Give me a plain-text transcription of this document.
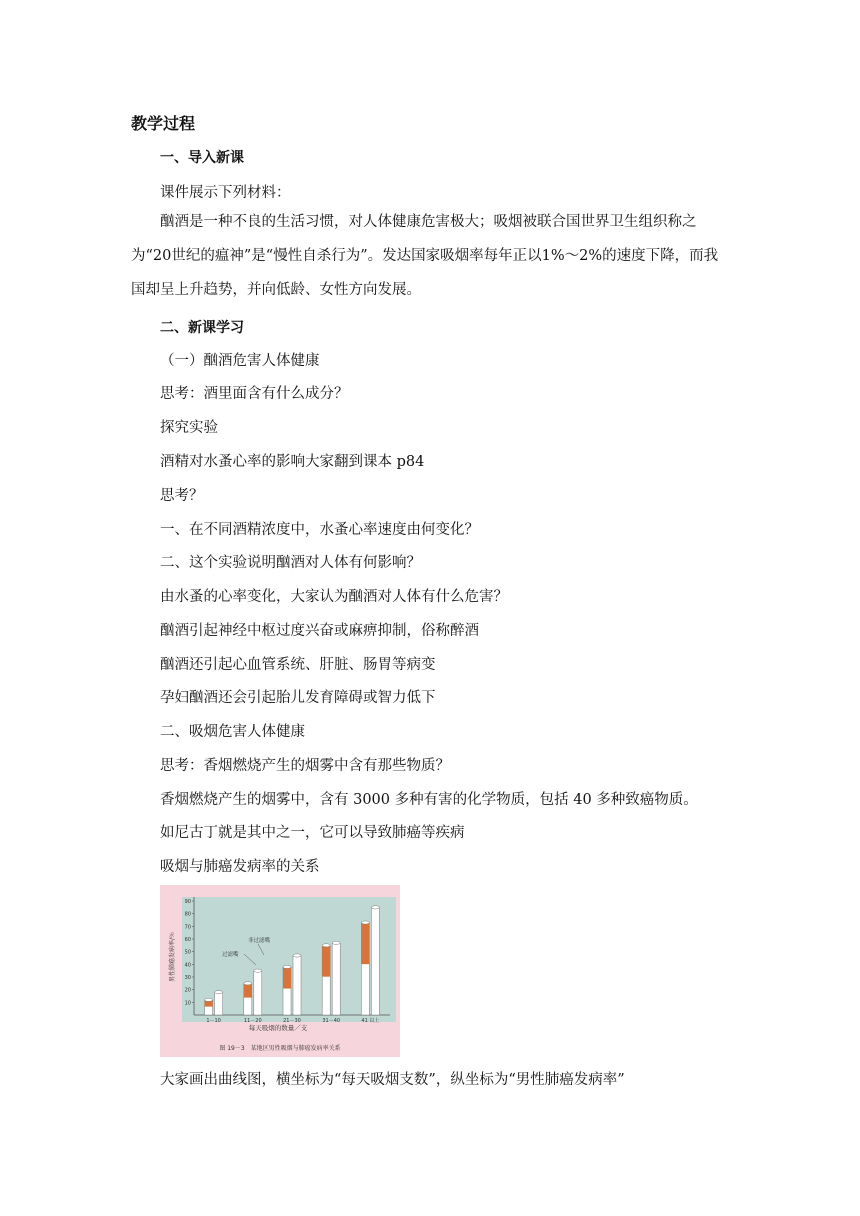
教学过程
一、导入新课
课件展示下列材料：
酗酒是一种不良的生活习惯，对人体健康危害极大；吸烟被联合国世界卫生组织称之为“20世纪的瘟神”是“慢性自杀行为”。发达国家吸烟率每年正以1%～2%的速度下降，而我国却呈上升趋势，并向低龄、女性方向发展。
二、新课学习
（一）酗酒危害人体健康
思考：酒里面含有什么成分？
探究实验
酒精对水蚤心率的影响大家翻到课本 p84
思考？
一、在不同酒精浓度中，水蚤心率速度由何变化？
二、这个实验说明酗酒对人体有何影响？
由水蚤的心率变化，大家认为酗酒对人体有什么危害？
酗酒引起神经中枢过度兴奋或麻痹抑制，俗称醉酒
酗酒还引起心血管系统、肝脏、肠胃等病变
孕妇酗酒还会引起胎儿发育障碍或智力低下
二、吸烟危害人体健康
思考：香烟燃烧产生的烟雾中含有那些物质？
香烟燃烧产生的烟雾中，含有 3000 多种有害的化学物质，包括 40 多种致癌物质。
如尼古丁就是其中之一，它可以导致肺癌等疾病
吸烟与肺癌发病率的关系
男性肺癌发病率/％
每天吸烟的数量／支
图 19－3　某地区男性吸烟与肺癌发病率关系
10
20
30
40
50
60
70
80
90
1－10	11－20	21－30	31－40	41 以上
过滤嘴
非过滤嘴
大家画出曲线图，横坐标为“每天吸烟支数”，纵坐标为“男性肺癌发病率”
